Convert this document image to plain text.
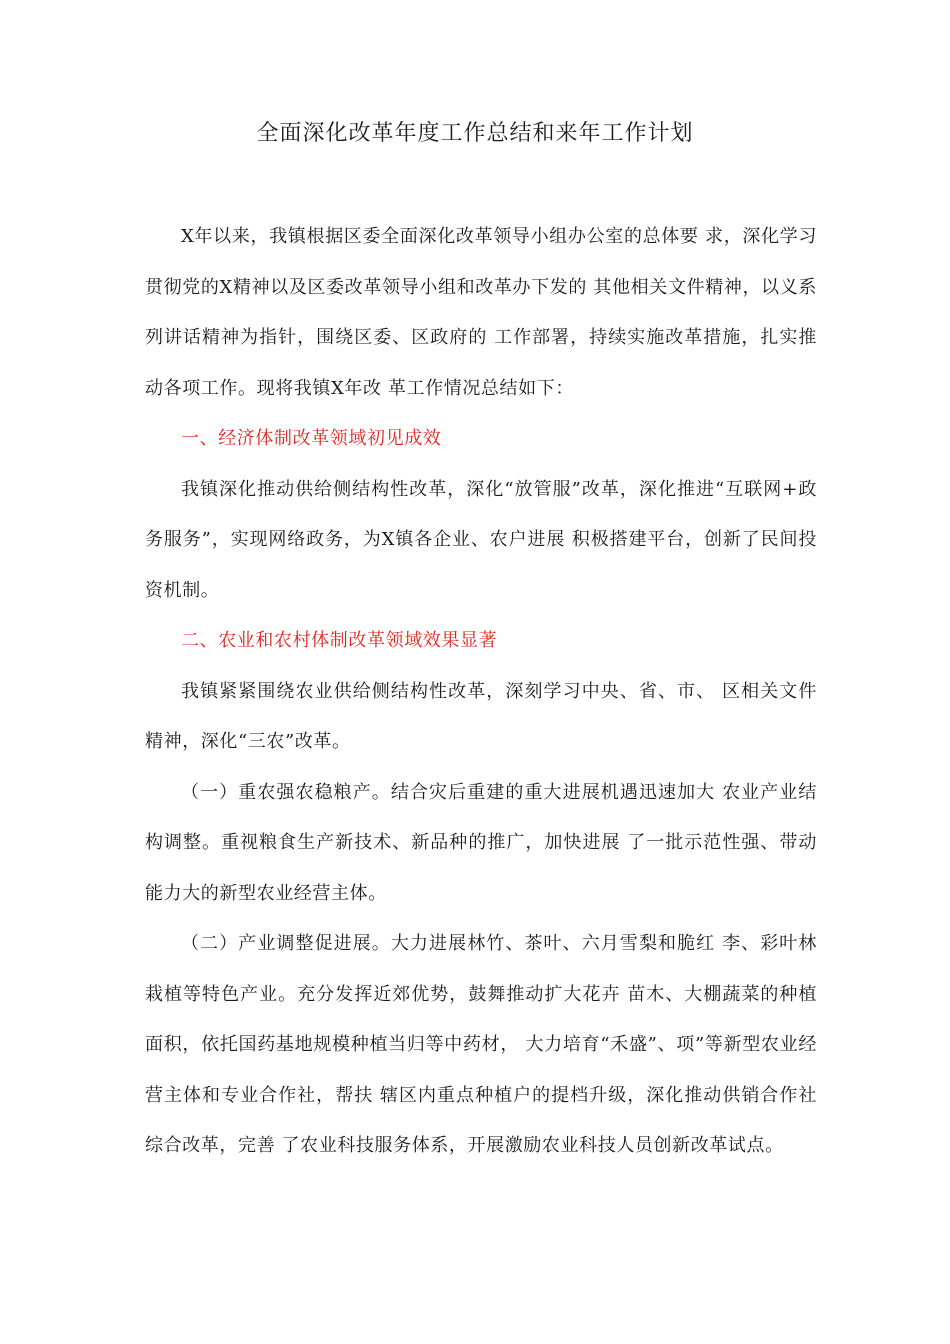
全面深化改革年度工作总结和来年工作计划

X年以来，我镇根据区委全面深化改革领导小组办公室的总体要 求，深化学习贯彻党的X精神以及区委改革领导小组和改革办下发的 其他相关文件精神，以义系列讲话精神为指针，围绕区委、区政府的 工作部署，持续实施改革措施，扎实推动各项工作。现将我镇X年改 革工作情况总结如下：

一、经济体制改革领域初见成效

我镇深化推动供给侧结构性改革，深化“放管服”改革，深化推进“互联网+政务服务”，实现网络政务，为X镇各企业、农户进展 积极搭建平台，创新了民间投资机制。

二、农业和农村体制改革领域效果显著

我镇紧紧围绕农业供给侧结构性改革，深刻学习中央、省、市、 区相关文件精神，深化“三农”改革。

（一）重农强农稳粮产。结合灾后重建的重大进展机遇迅速加大 农业产业结构调整。重视粮食生产新技术、新品种的推广，加快进展 了一批示范性强、带动能力大的新型农业经营主体。

（二）产业调整促进展。大力进展林竹、茶叶、六月雪梨和脆红 李、彩叶林栽植等特色产业。充分发挥近郊优势，鼓舞推动扩大花卉 苗木、大棚蔬菜的种植面积，依托国药基地规模种植当归等中药材， 大力培育“禾盛”、项”等新型农业经营主体和专业合作社，帮扶 辖区内重点种植户的提档升级，深化推动供销合作社综合改革，完善 了农业科技服务体系，开展激励农业科技人员创新改革试点。
